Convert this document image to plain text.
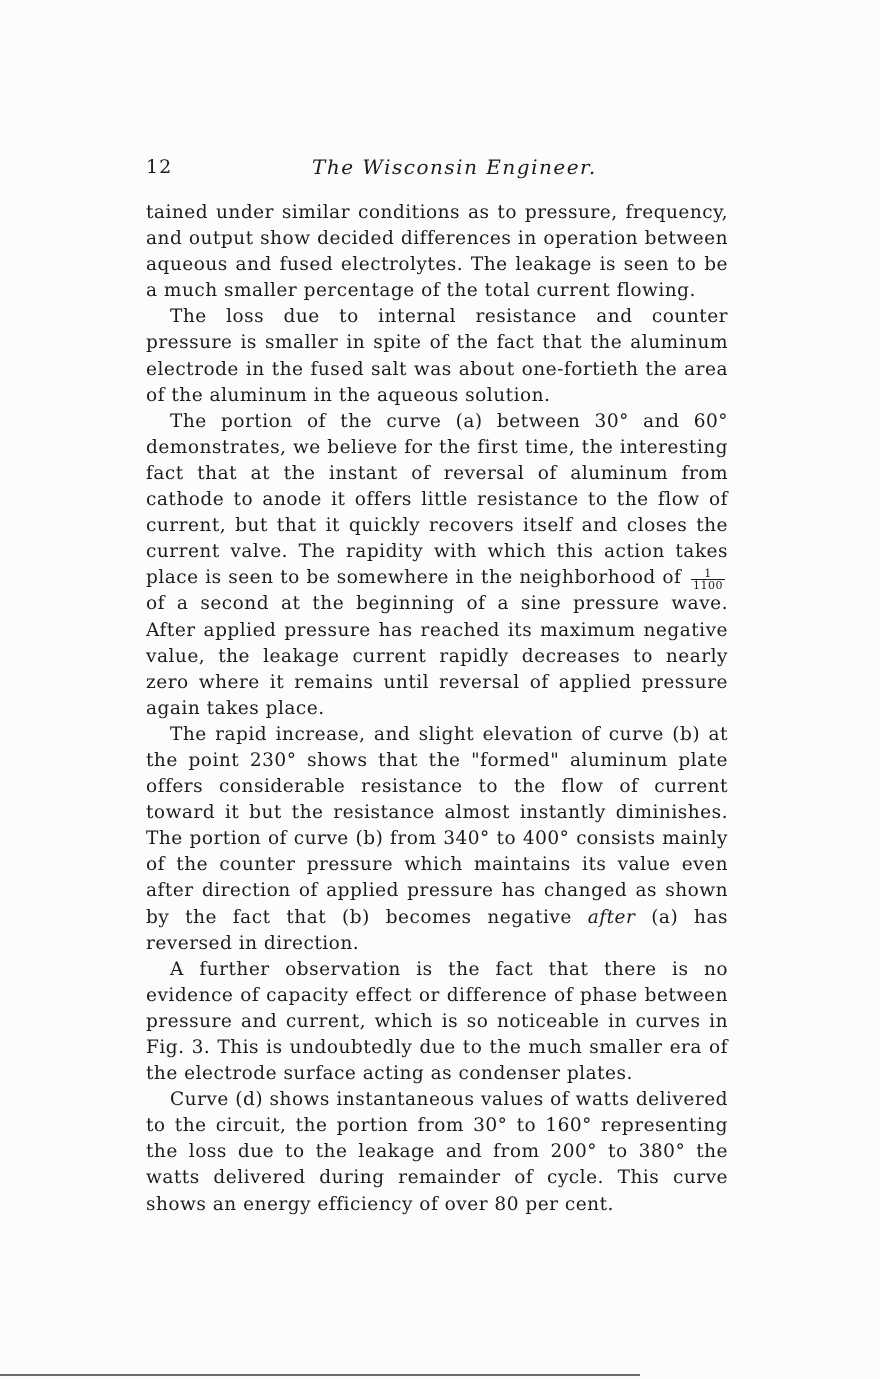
12	The Wisconsin Engineer.

tained under similar conditions as to pressure, frequency, and output show decided differences in operation between aqueous and fused electrolytes. The leakage is seen to be a much smaller percentage of the total current flowing.

The loss due to internal resistance and counter pressure is smaller in spite of the fact that the aluminum electrode in the fused salt was about one-fortieth the area of the aluminum in the aqueous solution.

The portion of the curve (a) between 30° and 60° demonstrates, we believe for the first time, the interesting fact that at the instant of reversal of aluminum from cathode to anode it offers little resistance to the flow of current, but that it quickly recovers itself and closes the current valve. The rapidity with which this action takes place is seen to be somewhere in the neighborhood of $\frac{1}{1100}$
of a second at the beginning of a sine pressure wave. After applied pressure has reached its maximum negative value, the leakage current rapidly decreases to nearly zero where it remains until reversal of applied pressure again takes place.

The rapid increase, and slight elevation of curve (b) at the point 230° shows that the "formed" aluminum plate offers considerable resistance to the flow of current toward it but the resistance almost instantly diminishes. The portion of curve (b) from 340° to 400° consists mainly of the counter pressure which maintains its value even after direction of applied pressure has changed as shown by the fact that (b) becomes negative after (a) has reversed in direction.

A further observation is the fact that there is no evidence of capacity effect or difference of phase between pressure and current, which is so noticeable in curves in Fig. 3. This is undoubtedly due to the much smaller era of the electrode surface acting as condenser plates.

Curve (d) shows instantaneous values of watts delivered to the circuit, the portion from 30° to 160° representing the loss due to the leakage and from 200° to 380° the watts delivered during remainder of cycle. This curve shows an energy efficiency of over 80 per cent.
